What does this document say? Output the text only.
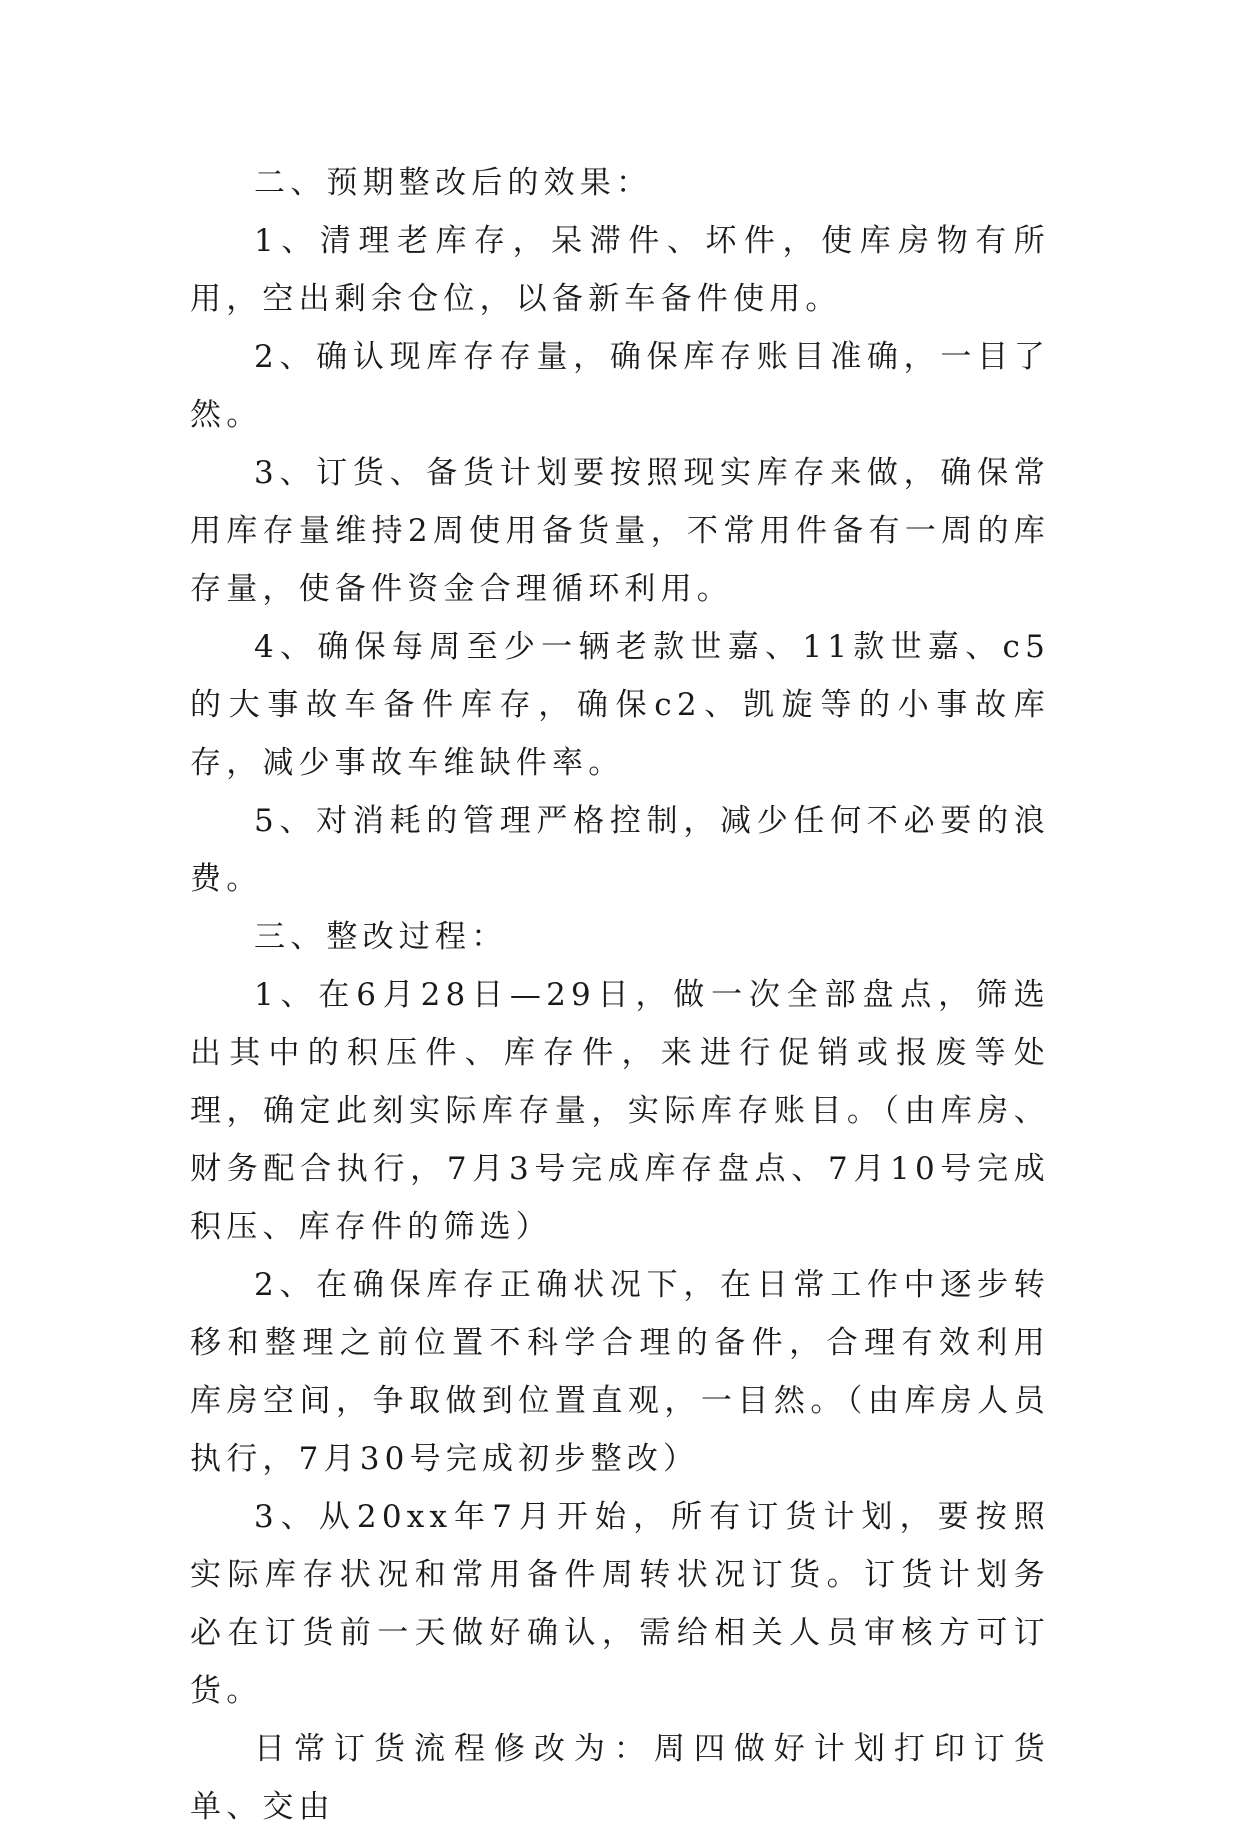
二、预期整改后的效果：

1、清理老库存，呆滞件、坏件，使库房物有所用，空出剩余仓位，以备新车备件使用。

2、确认现库存存量，确保库存账目准确，一目了然。

3、订货、备货计划要按照现实库存来做，确保常用库存量维持2周使用备货量，不常用件备有一周的库存量，使备件资金合理循环利用。

4、确保每周至少一辆老款世嘉、11款世嘉、c5的大事故车备件库存，确保c2、凯旋等的小事故库存，减少事故车维缺件率。

5、对消耗的管理严格控制，减少任何不必要的浪费。

三、整改过程：

1、在6月28日—29日，做一次全部盘点，筛选出其中的积压件、库存件，来进行促销或报废等处理，确定此刻实际库存量，实际库存账目。（由库房、财务配合执行，7月3号完成库存盘点、7月10号完成积压、库存件的筛选）

2、在确保库存正确状况下，在日常工作中逐步转移和整理之前位置不科学合理的备件，合理有效利用库房空间，争取做到位置直观，一目然。（由库房人员执行，7月30号完成初步整改）

3、从20xx年7月开始，所有订货计划，要按照实际库存状况和常用备件周转状况订货。订货计划务必在订货前一天做好确认，需给相关人员审核方可订货。

日常订货流程修改为：周四做好计划打印订货单、交由
